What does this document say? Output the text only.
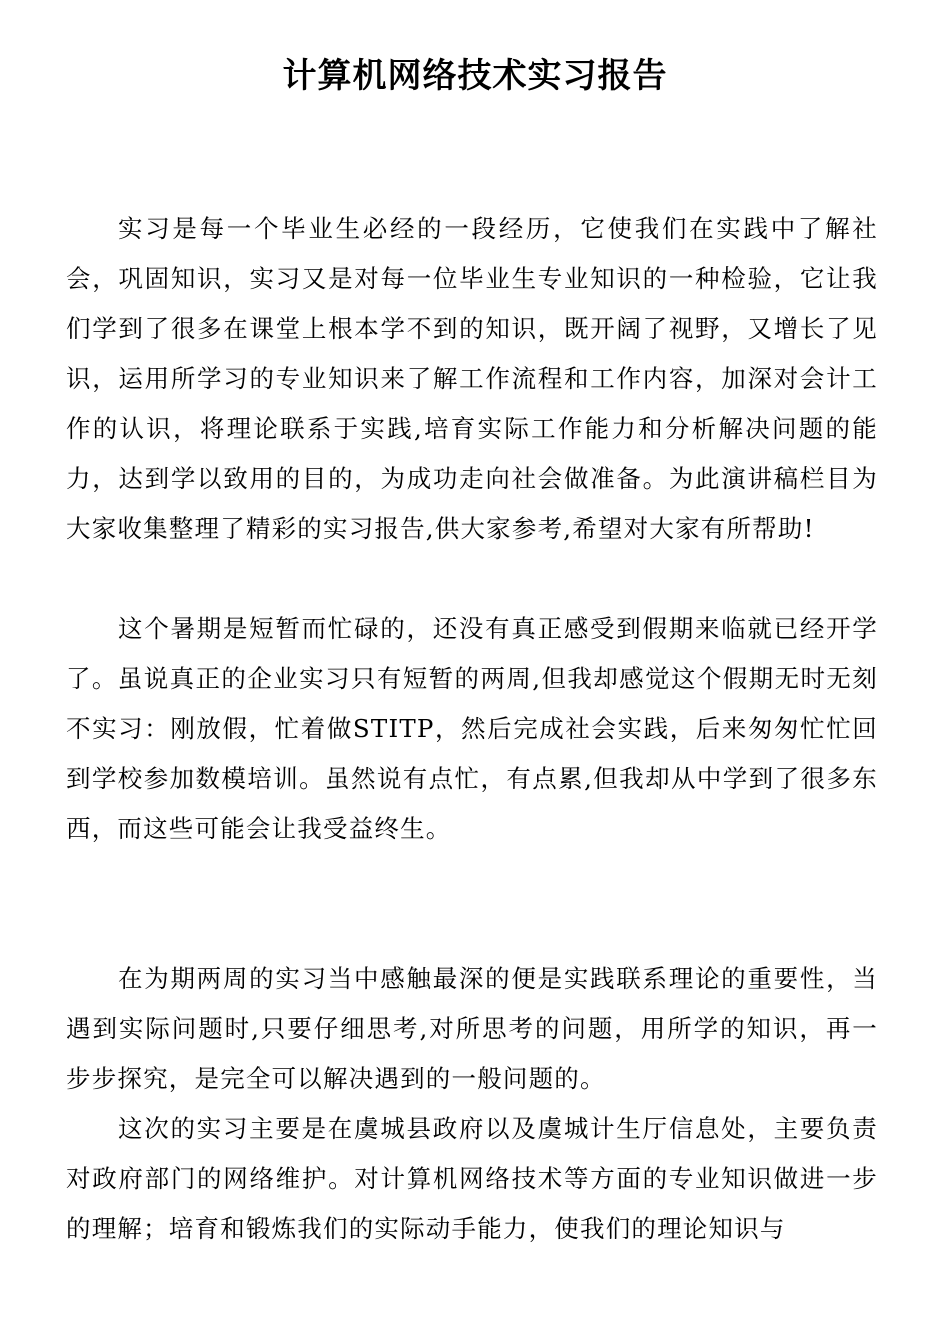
计算机网络技术实习报告

实习是每一个毕业生必经的一段经历，它使我们在实践中了解社会，巩固知识，实习又是对每一位毕业生专业知识的一种检验，它让我们学到了很多在课堂上根本学不到的知识，既开阔了视野，又增长了见识，运用所学习的专业知识来了解工作流程和工作内容，加深对会计工作的认识，将理论联系于实践,培育实际工作能力和分析解决问题的能力，达到学以致用的目的，为成功走向社会做准备。为此演讲稿栏目为大家收集整理了精彩的实习报告,供大家参考,希望对大家有所帮助!

这个暑期是短暂而忙碌的，还没有真正感受到假期来临就已经开学了。虽说真正的企业实习只有短暂的两周,但我却感觉这个假期无时无刻不实习：刚放假，忙着做STITP，然后完成社会实践，后来匆匆忙忙回到学校参加数模培训。虽然说有点忙，有点累,但我却从中学到了很多东西，而这些可能会让我受益终生。

在为期两周的实习当中感触最深的便是实践联系理论的重要性，当遇到实际问题时,只要仔细思考,对所思考的问题，用所学的知识，再一步步探究，是完全可以解决遇到的一般问题的。

这次的实习主要是在虞城县政府以及虞城计生厅信息处，主要负责对政府部门的网络维护。对计算机网络技术等方面的专业知识做进一步的理解；培育和锻炼我们的实际动手能力，使我们的理论知识与
